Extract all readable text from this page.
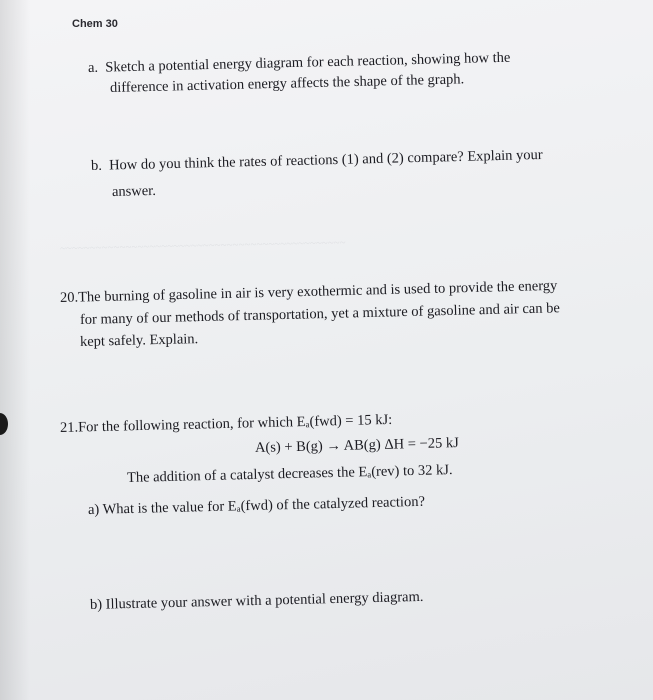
~~~~~~~~~~~~~~~~~~~~~~~~~~~~~~~~~~~~~~~~~~~~~~~~
Chem 30
a. Sketch a potential energy diagram for each reaction, showing how the
difference in activation energy affects the shape of the graph.
b. How do you think the rates of reactions (1) and (2) compare? Explain your
answer.
20.The burning of gasoline in air is very exothermic and is used to provide the energy
for many of our methods of transportation, yet a mixture of gasoline and air can be
kept safely. Explain.
21.For the following reaction, for which Eₐ(fwd) = 15 kJ:
A(s) + B(g) → AB(g) ΔH = −25 kJ
The addition of a catalyst decreases the Eₐ(rev) to 32 kJ.
a) What is the value for Eₐ(fwd) of the catalyzed reaction?
b) Illustrate your answer with a potential energy diagram.
